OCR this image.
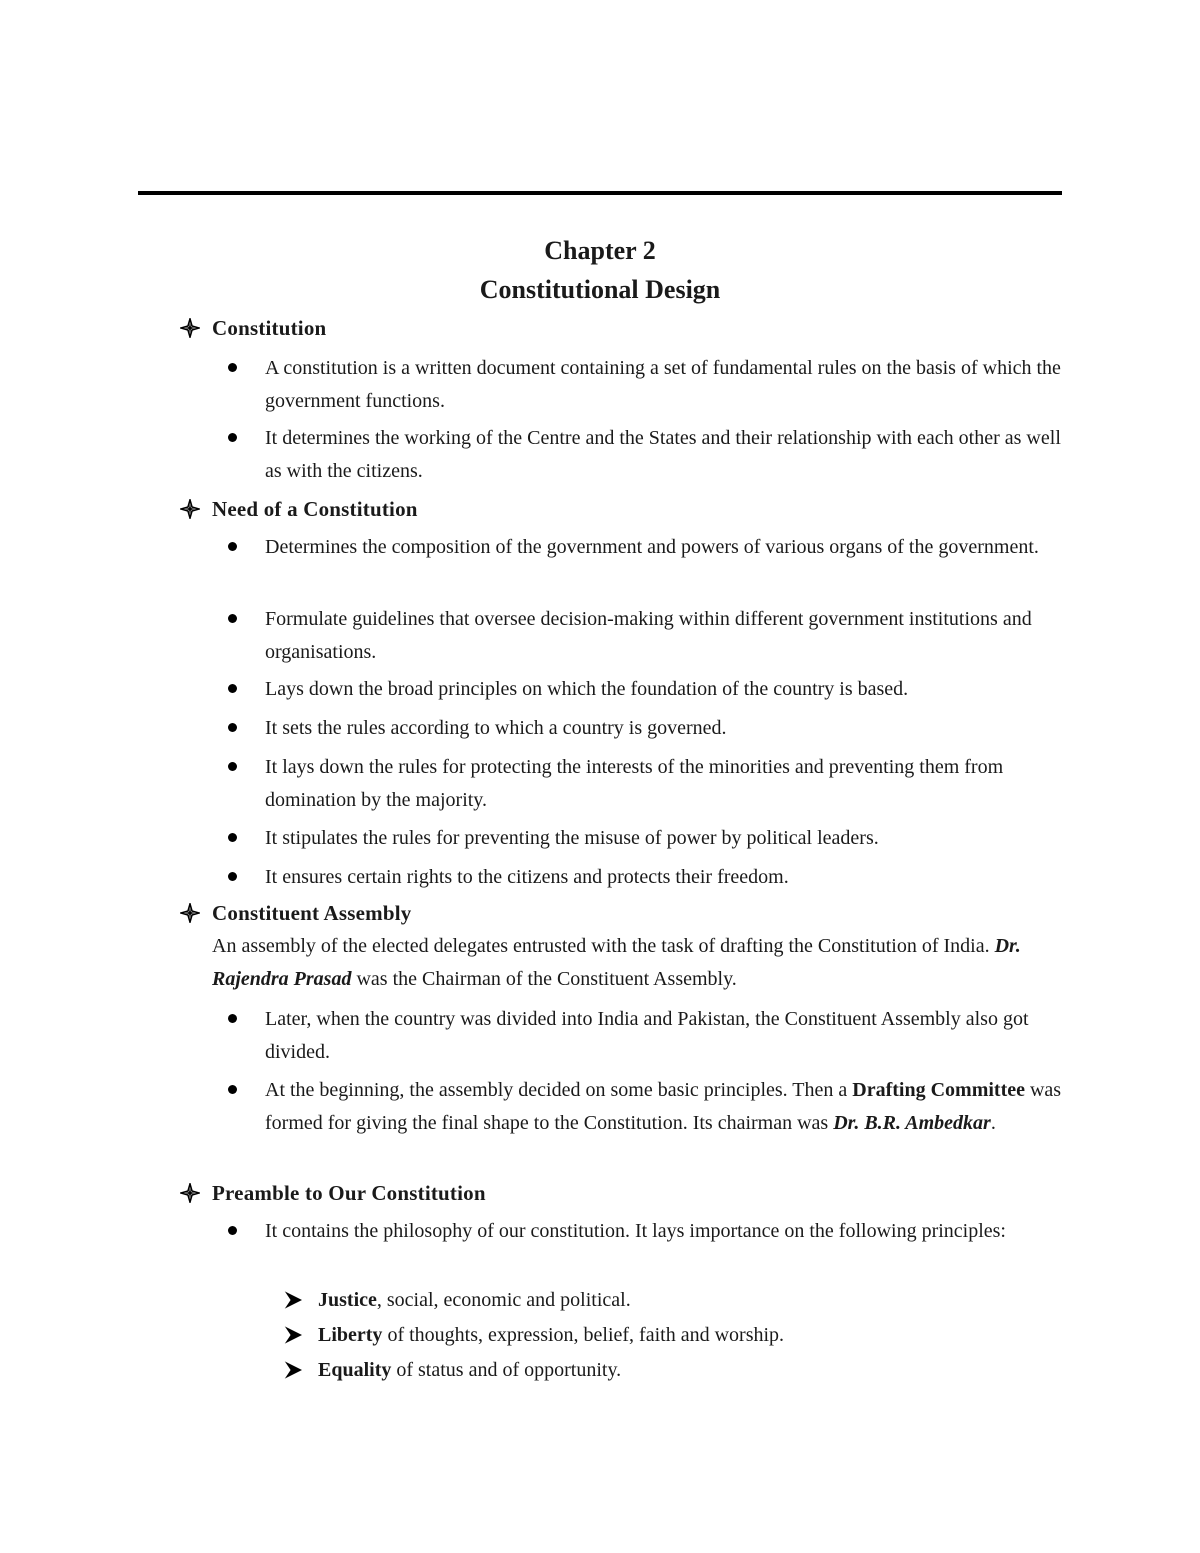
Chapter 2

Constitutional Design

Constitution
A constitution is a written document containing a set of fundamental rules on the basis of which the government functions.
It determines the working of the Centre and the States and their relationship with each other as well as with the citizens.
Need of a Constitution
Determines the composition of the government and powers of various organs of the government.
Formulate guidelines that oversee decision-making within different government institutions and organisations.
Lays down the broad principles on which the foundation of the country is based.
It sets the rules according to which a country is governed.
It lays down the rules for protecting the interests of the minorities and preventing them from domination by the majority.
It stipulates the rules for preventing the misuse of power by political leaders.
It ensures certain rights to the citizens and protects their freedom.
Constituent Assembly
An assembly of the elected delegates entrusted with the task of drafting the Constitution of India. Dr. Rajendra Prasad was the Chairman of the Constituent Assembly.
Later, when the country was divided into India and Pakistan, the Constituent Assembly also got divided.
At the beginning, the assembly decided on some basic principles. Then a Drafting Committee was formed for giving the final shape to the Constitution. Its chairman was Dr. B.R. Ambedkar.
Preamble to Our Constitution
It contains the philosophy of our constitution. It lays importance on the following principles:
Justice, social, economic and political.
Liberty of thoughts, expression, belief, faith and worship.
Equality of status and of opportunity.
